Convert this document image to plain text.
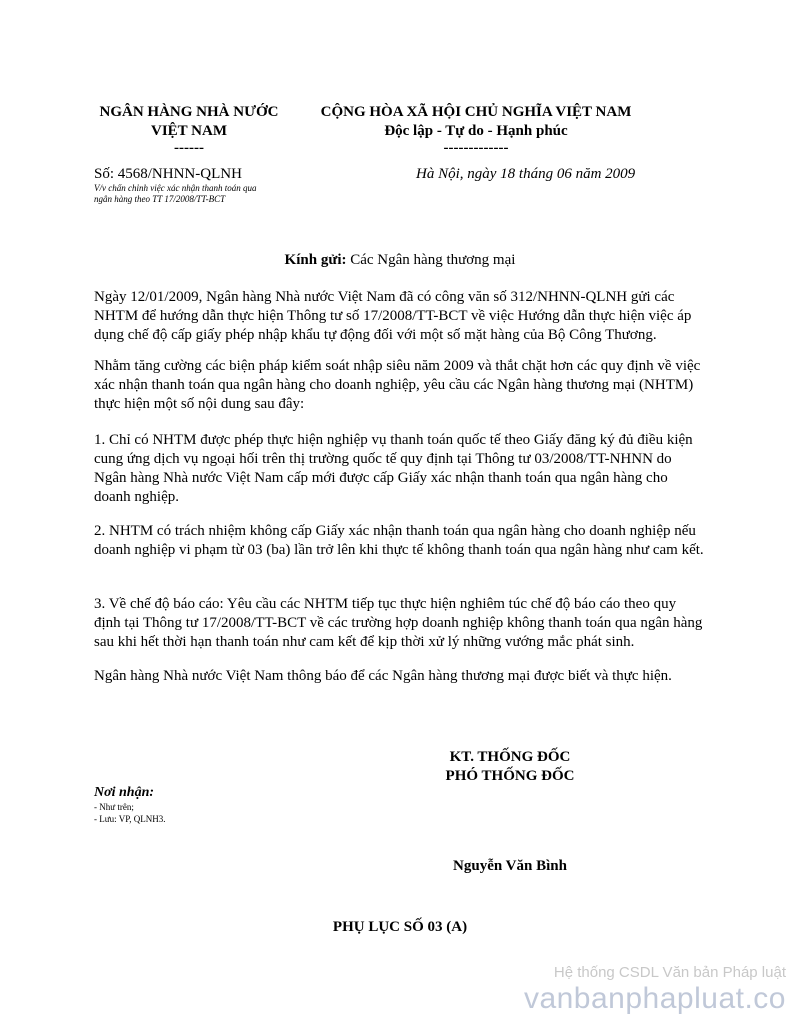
NGÂN HÀNG NHÀ NƯỚC
VIỆT NAM
------
CỘNG HÒA XÃ HỘI CHỦ NGHĨA VIỆT NAM
Độc lập - Tự do - Hạnh phúc
-------------
Số: 4568/NHNN-QLNH
V/v chấn chỉnh việc xác nhận thanh toán qua
ngân hàng theo TT 17/2008/TT-BCT
Hà Nội, ngày 18 tháng 06 năm 2009
Kính gửi: Các Ngân hàng thương mại
Ngày 12/01/2009, Ngân hàng Nhà nước Việt Nam đã có công văn số 312/NHNN-QLNH gửi các NHTM để hướng dẫn thực hiện Thông tư số 17/2008/TT-BCT về việc Hướng dẫn thực hiện việc áp dụng chế độ cấp giấy phép nhập khẩu tự động đối với một số mặt hàng của Bộ Công Thương.
Nhằm tăng cường các biện pháp kiểm soát nhập siêu năm 2009 và thắt chặt hơn các quy định về việc xác nhận thanh toán qua ngân hàng cho doanh nghiệp, yêu cầu các Ngân hàng thương mại (NHTM) thực hiện một số nội dung sau đây:
1. Chỉ có NHTM được phép thực hiện nghiệp vụ thanh toán quốc tế theo Giấy đăng ký đủ điều kiện cung ứng dịch vụ ngoại hối trên thị trường quốc tế quy định tại Thông tư 03/2008/TT-NHNN do Ngân hàng Nhà nước Việt Nam cấp mới được cấp Giấy xác nhận thanh toán qua ngân hàng cho doanh nghiệp.
2. NHTM có trách nhiệm không cấp Giấy xác nhận thanh toán qua ngân hàng cho doanh nghiệp nếu doanh nghiệp vi phạm từ 03 (ba) lần trở lên khi thực tế không thanh toán qua ngân hàng như cam kết.
3. Về chế độ báo cáo: Yêu cầu các NHTM tiếp tục thực hiện nghiêm túc chế độ báo cáo theo quy định tại Thông tư 17/2008/TT-BCT về các trường hợp doanh nghiệp không thanh toán qua ngân hàng sau khi hết thời hạn thanh toán như cam kết để kịp thời xử lý những vướng mắc phát sinh.
Ngân hàng Nhà nước Việt Nam thông báo để các Ngân hàng thương mại được biết và thực hiện.
KT. THỐNG ĐỐC
PHÓ THỐNG ĐỐC
Nguyễn Văn Bình
Nơi nhận:
- Như trên;
- Lưu: VP, QLNH3.
PHỤ LỤC SỐ 03 (A)
Hệ thống CSDL Văn bản Pháp luật
vanbanphapluat.co
